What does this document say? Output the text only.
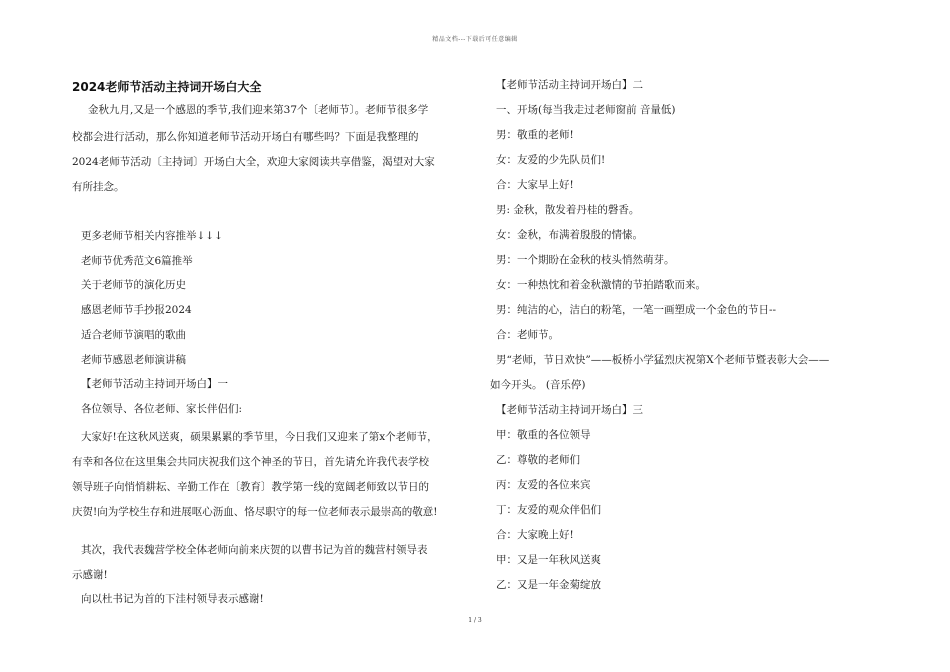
精品文档---下载后可任意编辑
2024老师节活动主持词开场白大全
金秋九月,又是一个感恩的季节,我们迎来第37个〔老师节〕。老师节很多学
校都会进行活动，那么你知道老师节活动开场白有哪些吗？下面是我整理的
2024老师节活动〔主持词〕开场白大全，欢迎大家阅读共享借鉴，渴望对大家
有所挂念。
更多老师节相关内容推举↓↓↓
老师节优秀范文6篇推举
关于老师节的演化历史
感恩老师节手抄报2024
适合老师节演唱的歌曲
老师节感恩老师演讲稿
【老师节活动主持词开场白】一
各位领导、各位老师、家长伴侣们:
大家好!在这秋风送爽，硕果累累的季节里，今日我们又迎来了第x个老师节，
有幸和各位在这里集会共同庆祝我们这个神圣的节日，首先请允许我代表学校
领导班子向悄悄耕耘、辛勤工作在〔教育〕教学第一线的宽阔老师致以节日的
庆贺!向为学校生存和进展呕心沥血、恪尽职守的每一位老师表示最崇高的敬意!
其次，我代表魏营学校全体老师向前来庆贺的以曹书记为首的魏营村领导表
示感谢!
向以杜书记为首的下洼村领导表示感谢!
【老师节活动主持词开场白】二
一、开场(每当我走过老师窗前 音量低)
男：敬重的老师!
女：友爱的少先队员们!
合：大家早上好!
男: 金秋，散发着丹桂的磬香。
女：金秋，布满着殷殷的情愫。
男：一个期盼在金秋的枝头悄然萌芽。
女：一种热忱和着金秋激情的节拍踏歌而来。
男：纯洁的心，洁白的粉笔，一笔一画塑成一个金色的节日--
合：老师节。
男“老师，节日欢快”——板桥小学猛烈庆祝第X个老师节暨表彰大会——
如今开头。 (音乐停)
【老师节活动主持词开场白】三
甲：敬重的各位领导
乙：尊敬的老师们
丙：友爱的各位来宾
丁：友爱的观众伴侣们
合：大家晚上好!
甲：又是一年秋风送爽
乙：又是一年金菊绽放
1 / 3
